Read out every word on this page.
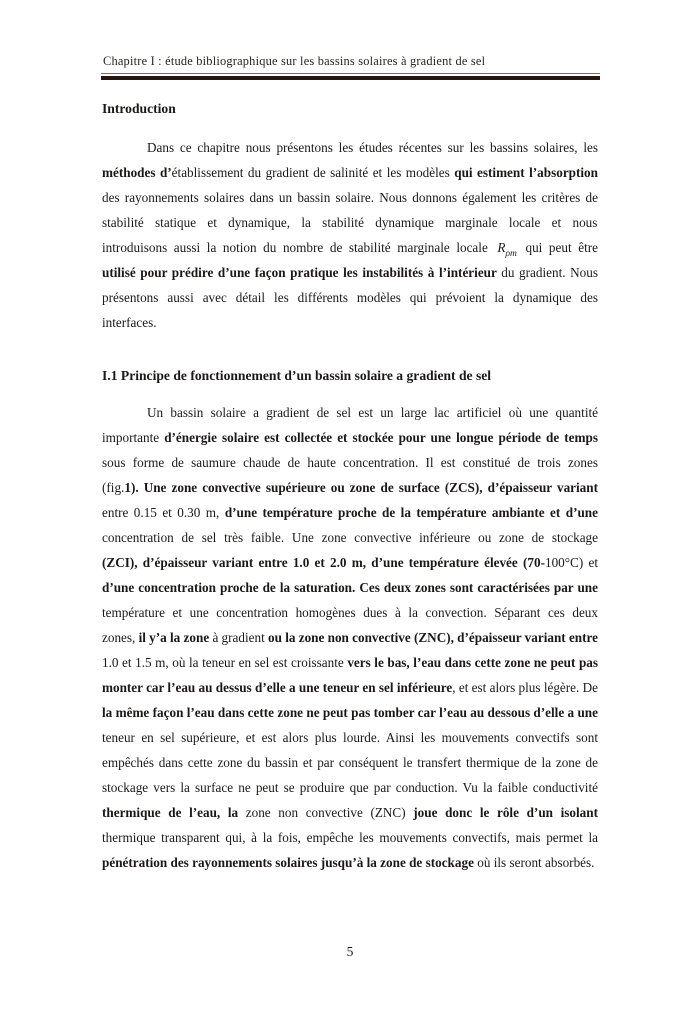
Chapitre I : étude bibliographique sur les bassins solaires à gradient de sel
Introduction
Dans ce chapitre nous présentons les études récentes sur les bassins solaires, les
méthodes d’établissement du gradient de salinité et les modèles qui estiment l’absorption
des rayonnements solaires dans un bassin solaire. Nous donnons également les critères de
stabilité statique et dynamique, la stabilité dynamique marginale locale et nous
introduisons aussi la notion du nombre de stabilité marginale locale $R_{\rho m}$ qui peut être
utilisé pour prédire d’une façon pratique les instabilités à l’intérieur du gradient. Nous
présentons aussi avec détail les différents modèles qui prévoient la dynamique des
interfaces.
I.1 Principe de fonctionnement d’un bassin solaire a gradient de sel
Un bassin solaire a gradient de sel est un large lac artificiel où une quantité
importante d’énergie solaire est collectée et stockée pour une longue période de temps
sous forme de saumure chaude de haute concentration. Il est constitué de trois zones
(fig.1). Une zone convective supérieure ou zone de surface (ZCS), d’épaisseur variant
entre 0.15 et 0.30 m, d’une température proche de la température ambiante et d’une
concentration de sel très faible. Une zone convective inférieure ou zone de stockage
(ZCI), d’épaisseur variant entre 1.0 et 2.0 m, d’une température élevée (70-100°C) et
d’une concentration proche de la saturation. Ces deux zones sont caractérisées par une
température et une concentration homogènes dues à la convection. Séparant ces deux
zones, il y’a la zone à gradient ou la zone non convective (ZNC), d’épaisseur variant entre
1.0 et 1.5 m, où la teneur en sel est croissante vers le bas, l’eau dans cette zone ne peut pas
monter car l’eau au dessus d’elle a une teneur en sel inférieure, et est alors plus légère. De
la même façon l’eau dans cette zone ne peut pas tomber car l’eau au dessous d’elle a une
teneur en sel supérieure, et est alors plus lourde. Ainsi les mouvements convectifs sont
empêchés dans cette zone du bassin et par conséquent le transfert thermique de la zone de
stockage vers la surface ne peut se produire que par conduction. Vu la faible conductivité
thermique de l’eau, la zone non convective (ZNC) joue donc le rôle d’un isolant
thermique transparent qui, à la fois, empêche les mouvements convectifs, mais permet la
pénétration des rayonnements solaires jusqu’à la zone de stockage où ils seront absorbés.
5
